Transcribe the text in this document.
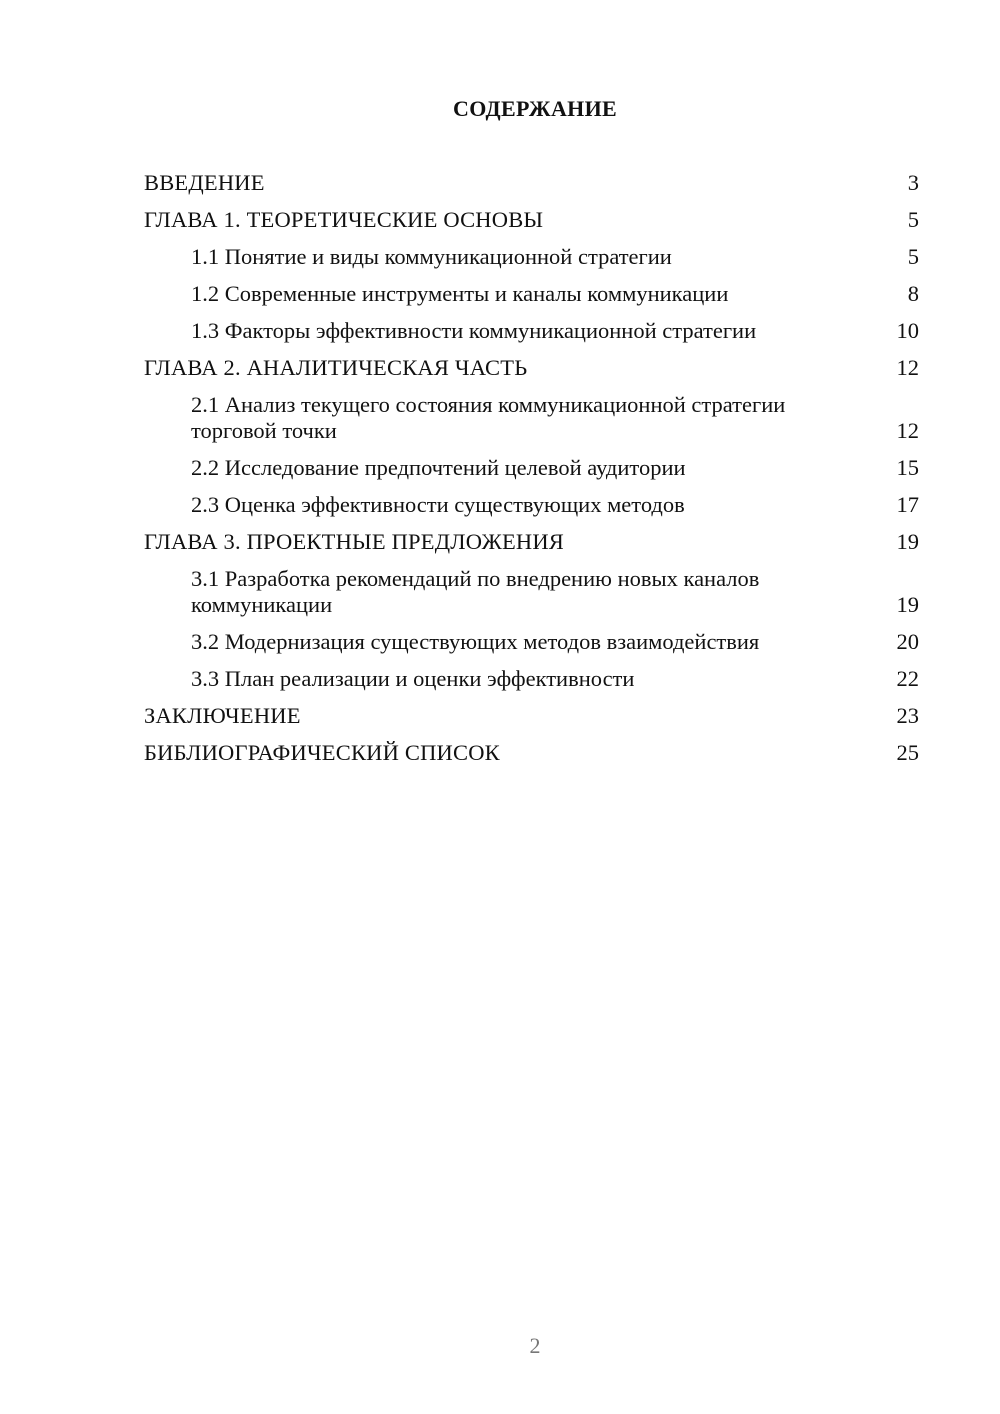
СОДЕРЖАНИЕ
ВВЕДЕНИЕ	3
ГЛАВА 1. ТЕОРЕТИЧЕСКИЕ ОСНОВЫ	5
1.1 Понятие и виды коммуникационной стратегии	5
1.2 Современные инструменты и каналы коммуникации	8
1.3 Факторы эффективности коммуникационной стратегии	10
ГЛАВА 2. АНАЛИТИЧЕСКАЯ ЧАСТЬ	12
2.1 Анализ текущего состояния коммуникационной стратегии торговой точки	12
2.2 Исследование предпочтений целевой аудитории	15
2.3 Оценка эффективности существующих методов	17
ГЛАВА 3. ПРОЕКТНЫЕ ПРЕДЛОЖЕНИЯ	19
3.1 Разработка рекомендаций по внедрению новых каналов коммуникации	19
3.2 Модернизация существующих методов взаимодействия	20
3.3 План реализации и оценки эффективности	22
ЗАКЛЮЧЕНИЕ	23
БИБЛИОГРАФИЧЕСКИЙ СПИСОК	25
2
